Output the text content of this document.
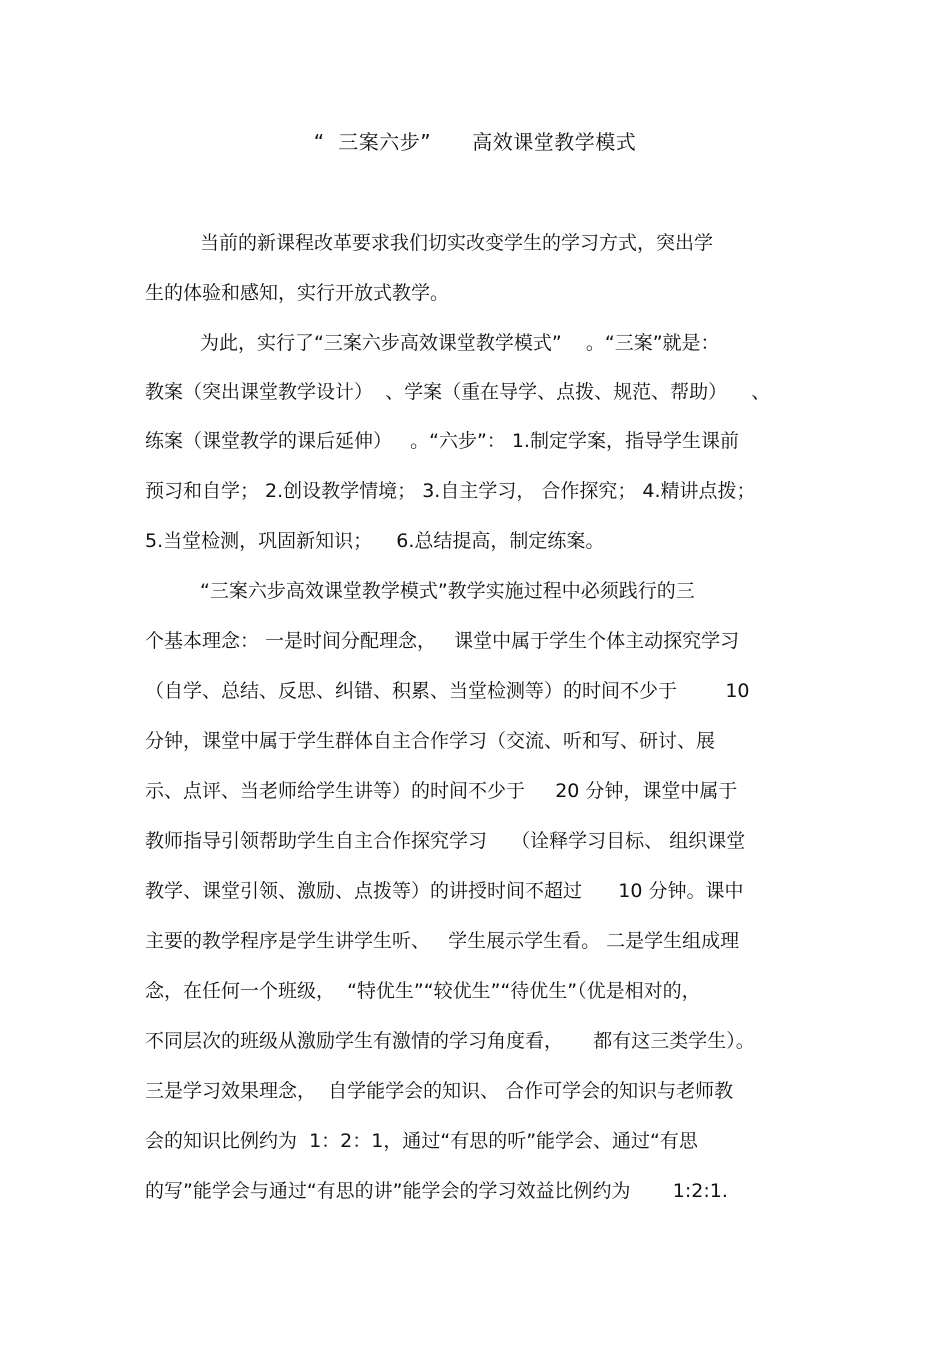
“  三案六步”      高效课堂教学模式
当前的新课程改革要求我们切实改变学生的学习方式，突出学
生的体验和感知，实行开放式教学。
为此，实行了“三案六步高效课堂教学模式”    。“三案”就是：
教案（突出课堂教学设计）  、学案（重在导学、点拨、规范、帮助）    、
练案（课堂教学的课后延伸）   。“六步”： 1.制定学案，指导学生课前
预习和自学； 2.创设教学情境； 3.自主学习， 合作探究； 4.精讲点拨；
5.当堂检测，巩固新知识；    6.总结提高，制定练案。
“三案六步高效课堂教学模式”教学实施过程中必须践行的三
个基本理念： 一是时间分配理念，   课堂中属于学生个体主动探究学习
（自学、总结、反思、纠错、积累、当堂检测等）的时间不少于        10
分钟，课堂中属于学生群体自主合作学习（交流、听和写、研讨、展
示、点评、当老师给学生讲等）的时间不少于     20 分钟，课堂中属于
教师指导引领帮助学生自主合作探究学习    （诠释学习目标、 组织课堂
教学、课堂引领、激励、点拨等）的讲授时间不超过      10 分钟。课中
主要的教学程序是学生讲学生听、   学生展示学生看。 二是学生组成理
念，在任何一个班级，  “特优生”“较优生”“待优生”（优是相对的，
不同层次的班级从激励学生有激情的学习角度看，     都有这三类学生）。
三是学习效果理念，  自学能学会的知识、 合作可学会的知识与老师教
会的知识比例约为  1：2：1，通过“有思的听”能学会、通过“有思
的写”能学会与通过“有思的讲”能学会的学习效益比例约为       1:2:1.
